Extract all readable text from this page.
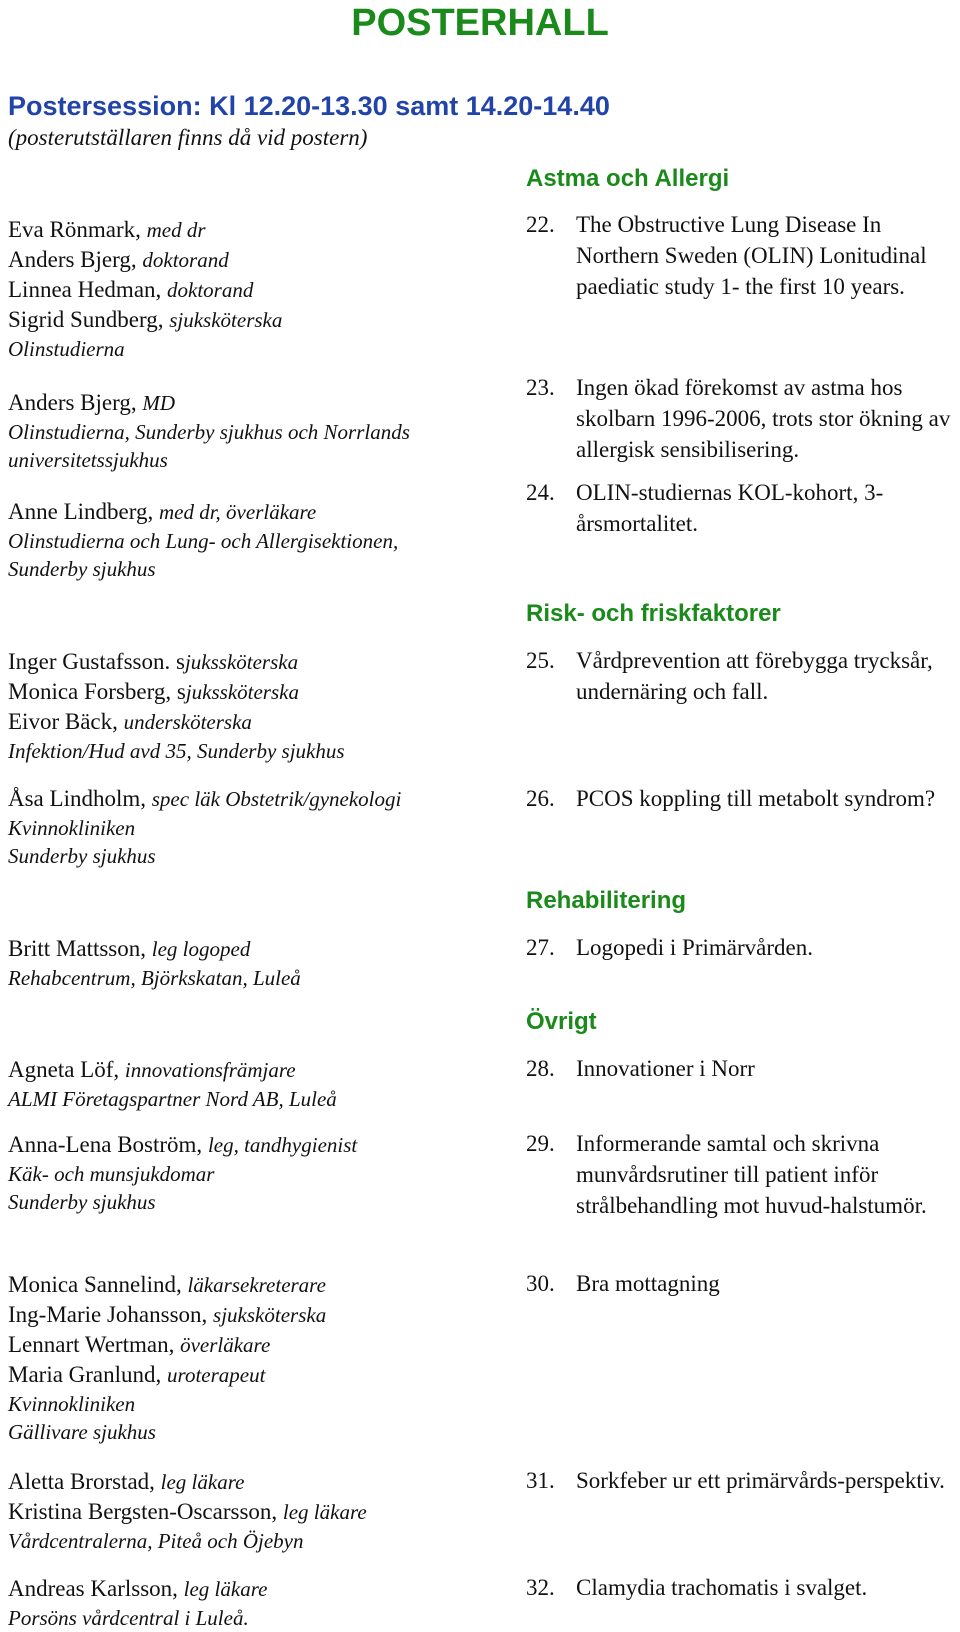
POSTERHALL
Postersession: Kl 12.20-13.30 samt 14.20-14.40
(posterutställaren finns då vid postern)
Astma och Allergi
22. The Obstructive Lung Disease In Northern Sweden (OLIN) Lonitudinal paediatic study 1- the first 10 years.
23. Ingen ökad förekomst av astma hos skolbarn 1996-2006, trots stor ökning av allergisk sensibilisering.
24. OLIN-studiernas KOL-kohort, 3-årsmortalitet.
Risk- och friskfaktorer
25. Vårdprevention att förebygga trycksår, undernäring och fall.
26. PCOS koppling till metabolt syndrom?
Rehabilitering
27. Logopedi i Primärvården.
Övrigt
28. Innovationer i Norr
29. Informerande samtal och skrivna munvårdsrutiner till patient inför strålbehandling mot huvud-halstumör.
30. Bra mottagning
31. Sorkfeber ur ett primärvårds-perspektiv.
32. Clamydia trachomatis i svalget.
Eva Rönmark, med dr
Anders Bjerg, doktorand
Linnea Hedman, doktorand
Sigrid Sundberg, sjuksköterska
Olinstudierna
Anders Bjerg, MD
Olinstudierna, Sunderby sjukhus och Norrlands
universitetssjukhus
Anne Lindberg, med dr, överläkare
Olinstudierna och Lung- och Allergisektionen,
Sunderby sjukhus
Inger Gustafsson. sjukssköterska
Monica Forsberg, sjukssköterska
Eivor Bäck, undersköterska
Infektion/Hud avd 35, Sunderby sjukhus
Åsa Lindholm, spec läk Obstetrik/gynekologi
Kvinnokliniken
Sunderby sjukhus
Britt Mattsson, leg logoped
Rehabcentrum, Björkskatan, Luleå
Agneta Löf, innovationsfrämjare
ALMI Företagspartner Nord AB, Luleå
Anna-Lena Boström, leg, tandhygienist
Käk- och munsjukdomar
Sunderby sjukhus
Monica Sannelind, läkarsekreterare
Ing-Marie Johansson, sjuksköterska
Lennart Wertman, överläkare
Maria Granlund, uroterapeut
Kvinnokliniken
Gällivare sjukhus
Aletta Brorstad, leg läkare
Kristina Bergsten-Oscarsson, leg läkare
Vårdcentralerna, Piteå och Öjebyn
Andreas Karlsson, leg läkare
Porsöns vårdcentral i Luleå.
